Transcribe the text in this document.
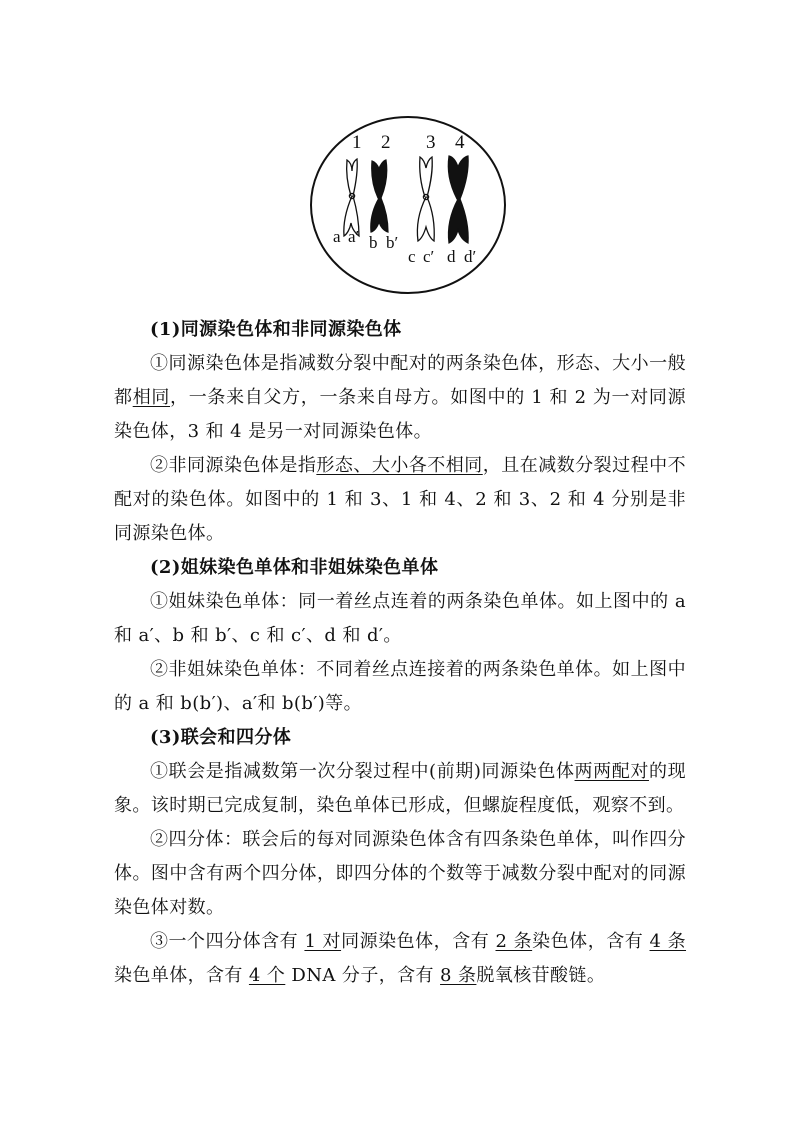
1 2 3 4
a a′ b b′
c c′ d d′

(1)同源染色体和非同源染色体

①同源染色体是指减数分裂中配对的两条染色体，形态、大小一般都相同，一条来自父方，一条来自母方。如图中的 1 和 2 为一对同源染色体，3 和 4 是另一对同源染色体。

②非同源染色体是指形态、大小各不相同，且在减数分裂过程中不配对的染色体。如图中的 1 和 3、1 和 4、2 和 3、2 和 4 分别是非同源染色体。

(2)姐妹染色单体和非姐妹染色单体

①姐妹染色单体：同一着丝点连着的两条染色单体。如上图中的 a 和 a′、b 和 b′、c 和 c′、d 和 d′。

②非姐妹染色单体：不同着丝点连接着的两条染色单体。如上图中的 a 和 b(b′)、a′和 b(b′)等。

(3)联会和四分体

①联会是指减数第一次分裂过程中(前期)同源染色体两两配对的现象。该时期已完成复制，染色单体已形成，但螺旋程度低，观察不到。

②四分体：联会后的每对同源染色体含有四条染色单体，叫作四分体。图中含有两个四分体，即四分体的个数等于减数分裂中配对的同源染色体对数。

③一个四分体含有 1 对同源染色体，含有 2 条染色体，含有 4 条染色单体，含有 4 个 DNA 分子，含有 8 条脱氧核苷酸链。
